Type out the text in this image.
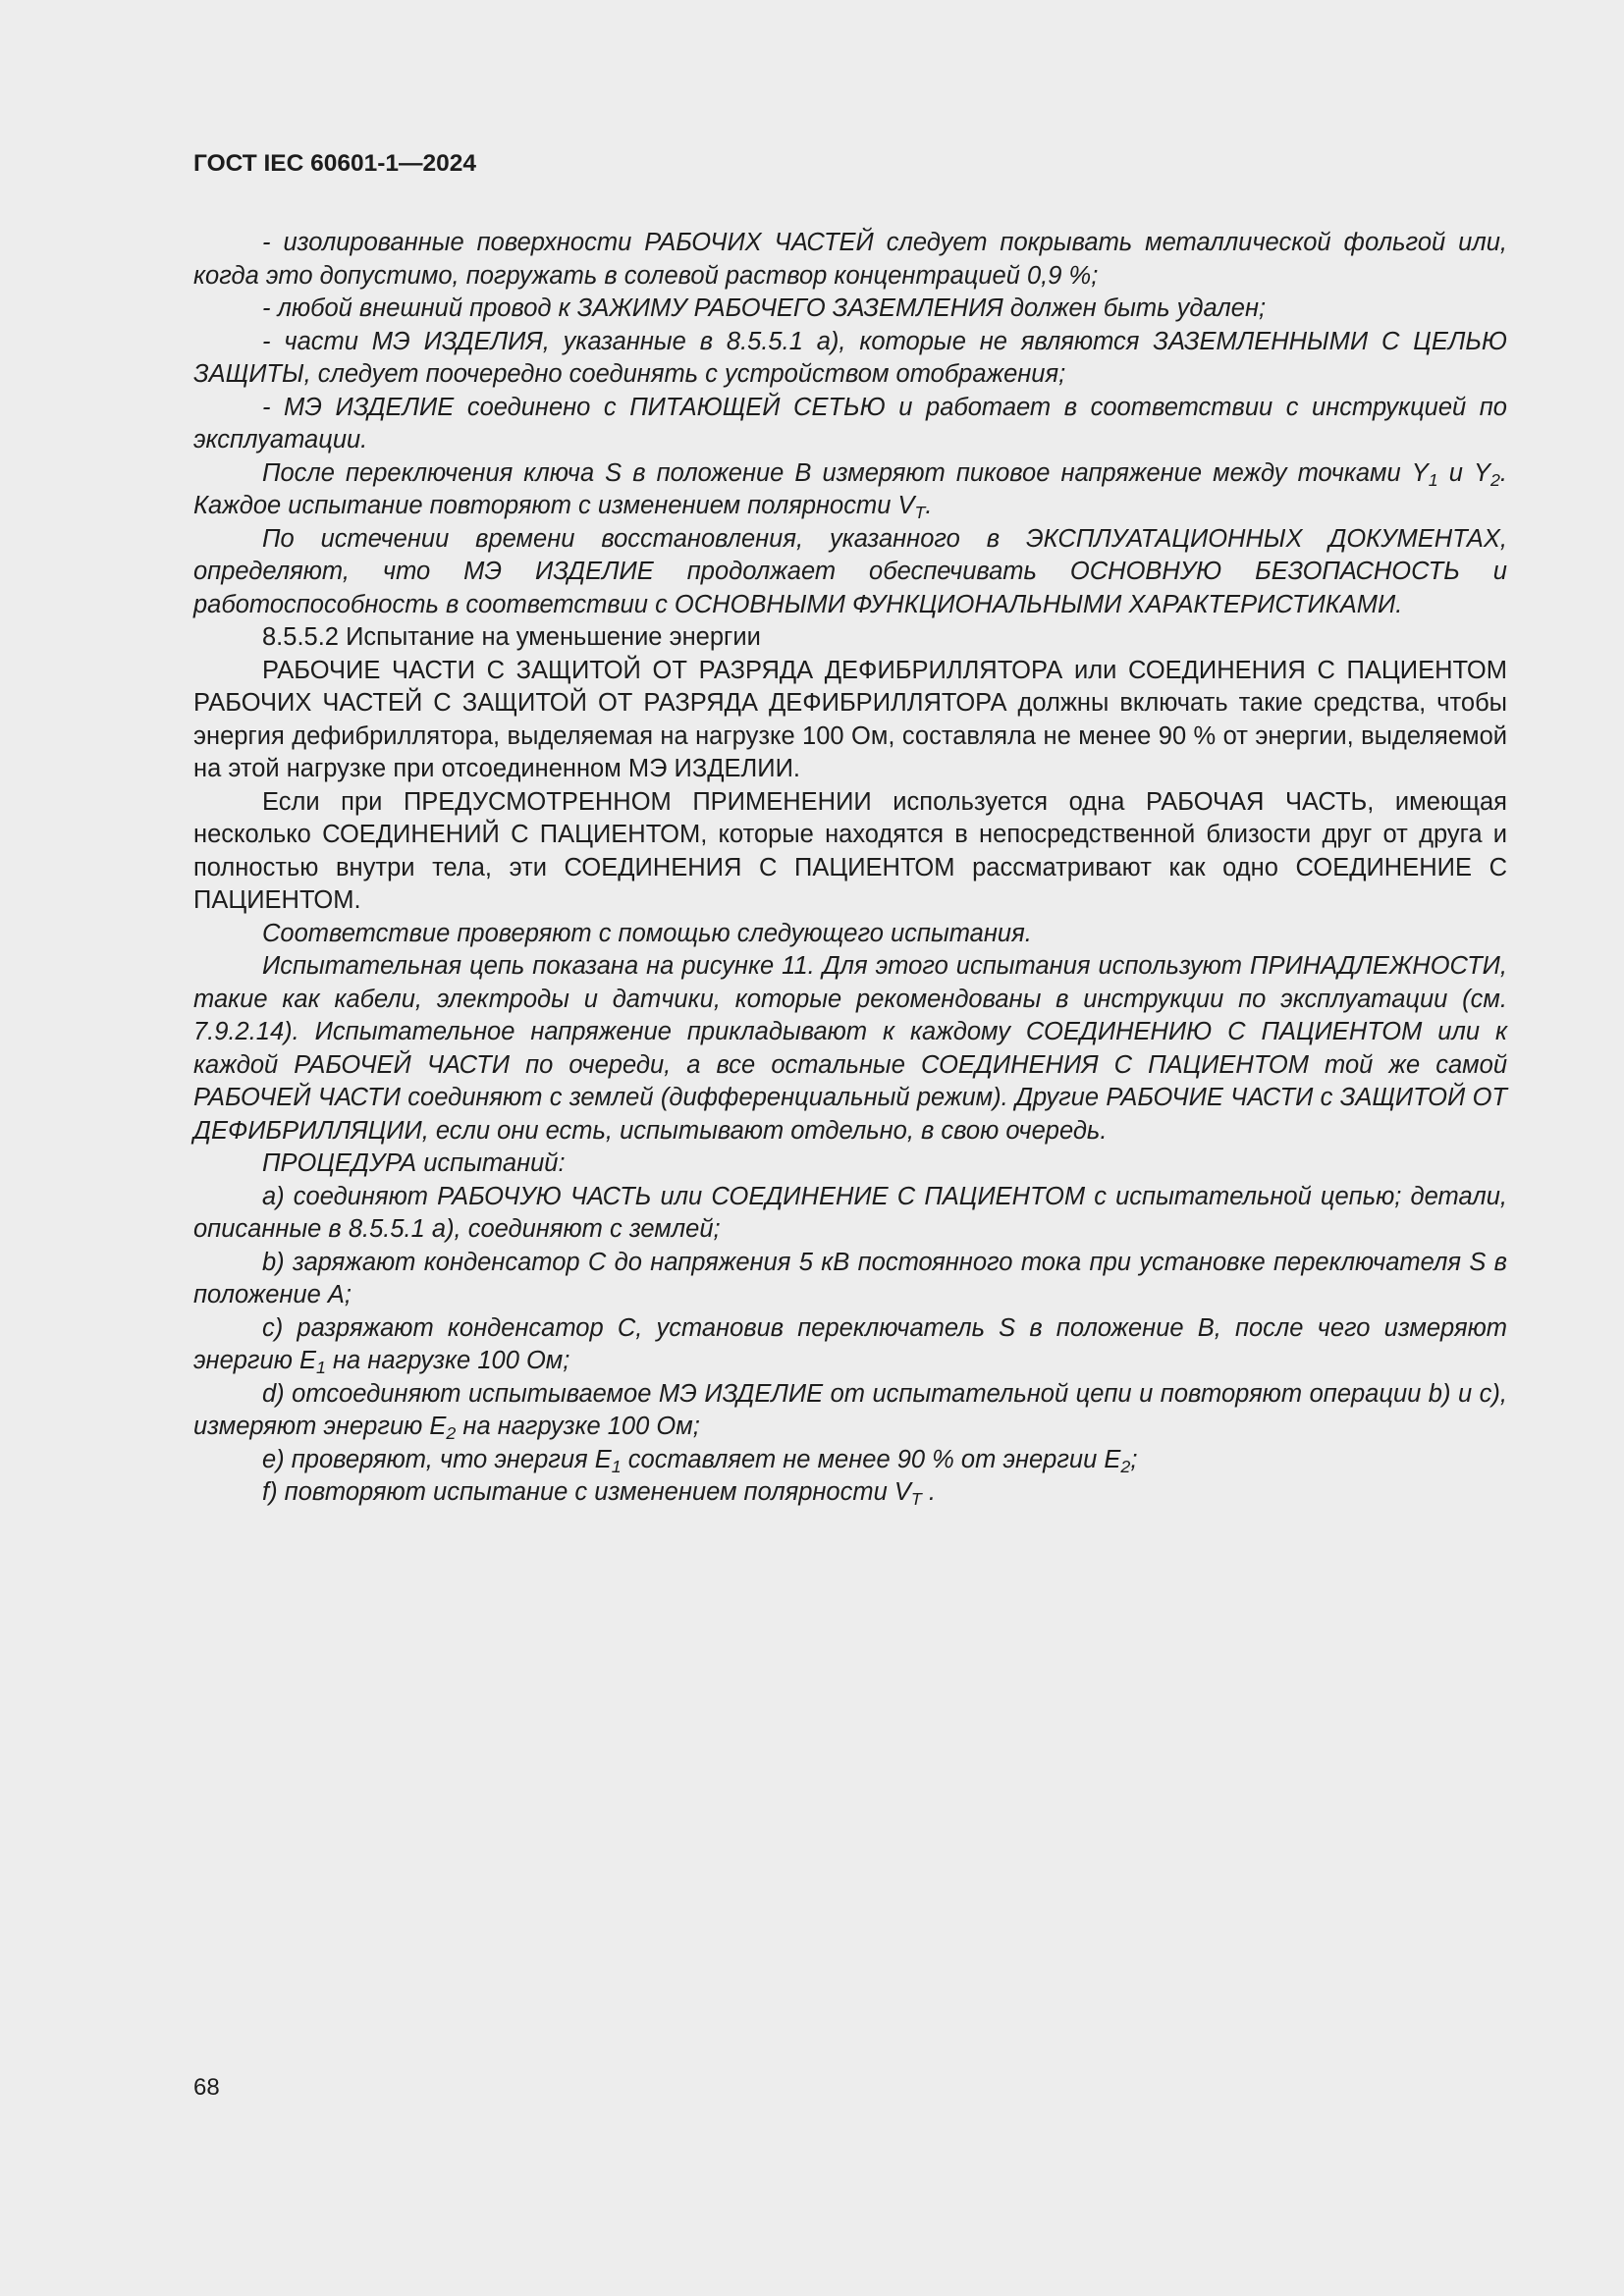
ГОСТ IEC 60601-1—2024

- изолированные поверхности РАБОЧИХ ЧАСТЕЙ следует покрывать металлической фольгой или, когда это допустимо, погружать в солевой раствор концентрацией 0,9 %;

- любой внешний провод к ЗАЖИМУ РАБОЧЕГО ЗАЗЕМЛЕНИЯ должен быть удален;

- части МЭ ИЗДЕЛИЯ, указанные в 8.5.5.1 а), которые не являются ЗАЗЕМЛЕННЫМИ С ЦЕЛЬЮ ЗАЩИТЫ, следует поочередно соединять с устройством отображения;

- МЭ ИЗДЕЛИЕ соединено с ПИТАЮЩЕЙ СЕТЬЮ и работает в соответствии с инструкцией по эксплуатации.

После переключения ключа S в положение В измеряют пиковое напряжение между точками $Y_1$ и $Y_2$. Каждое испытание повторяют с изменением полярности $V_T$.

По истечении времени восстановления, указанного в ЭКСПЛУАТАЦИОННЫХ ДОКУМЕНТАХ, определяют, что МЭ ИЗДЕЛИЕ продолжает обеспечивать ОСНОВНУЮ БЕЗОПАСНОСТЬ и работоспособность в соответствии с ОСНОВНЫМИ ФУНКЦИОНАЛЬНЫМИ ХАРАКТЕРИСТИКАМИ.

8.5.5.2 Испытание на уменьшение энергии

РАБОЧИЕ ЧАСТИ С ЗАЩИТОЙ ОТ РАЗРЯДА ДЕФИБРИЛЛЯТОРА или СОЕДИНЕНИЯ С ПАЦИЕНТОМ РАБОЧИХ ЧАСТЕЙ С ЗАЩИТОЙ ОТ РАЗРЯДА ДЕФИБРИЛЛЯТОРА должны включать такие средства, чтобы энергия дефибриллятора, выделяемая на нагрузке 100 Ом, составляла не менее 90 % от энергии, выделяемой на этой нагрузке при отсоединенном МЭ ИЗДЕЛИИ.

Если при ПРЕДУСМОТРЕННОМ ПРИМЕНЕНИИ используется одна РАБОЧАЯ ЧАСТЬ, имеющая несколько СОЕДИНЕНИЙ С ПАЦИЕНТОМ, которые находятся в непосредственной близости друг от друга и полностью внутри тела, эти СОЕДИНЕНИЯ С ПАЦИЕНТОМ рассматривают как одно СОЕДИНЕНИЕ С ПАЦИЕНТОМ.

Соответствие проверяют с помощью следующего испытания.

Испытательная цепь показана на рисунке 11. Для этого испытания используют ПРИНАДЛЕЖНОСТИ, такие как кабели, электроды и датчики, которые рекомендованы в инструкции по эксплуатации (см. 7.9.2.14). Испытательное напряжение прикладывают к каждому СОЕДИНЕНИЮ С ПАЦИЕНТОМ или к каждой РАБОЧЕЙ ЧАСТИ по очереди, а все остальные СОЕДИНЕНИЯ С ПАЦИЕНТОМ той же самой РАБОЧЕЙ ЧАСТИ соединяют с землей (дифференциальный режим). Другие РАБОЧИЕ ЧАСТИ с ЗАЩИТОЙ ОТ ДЕФИБРИЛЛЯЦИИ, если они есть, испытывают отдельно, в свою очередь.

ПРОЦЕДУРА испытаний:

a) соединяют РАБОЧУЮ ЧАСТЬ или СОЕДИНЕНИЕ С ПАЦИЕНТОМ с испытательной цепью; детали, описанные в 8.5.5.1 а), соединяют с землей;

b) заряжают конденсатор С до напряжения 5 кВ постоянного тока при установке переключателя S в положение А;

c) разряжают конденсатор С, установив переключатель S в положение В, после чего измеряют энергию $E_1$ на нагрузке 100 Ом;

d) отсоединяют испытываемое МЭ ИЗДЕЛИЕ от испытательной цепи и повторяют операции b) и c), измеряют энергию $E_2$ на нагрузке 100 Ом;

e) проверяют, что энергия $E_1$ составляет не менее 90 % от энергии $E_2$;

f) повторяют испытание с изменением полярности $V_T$ .

68
